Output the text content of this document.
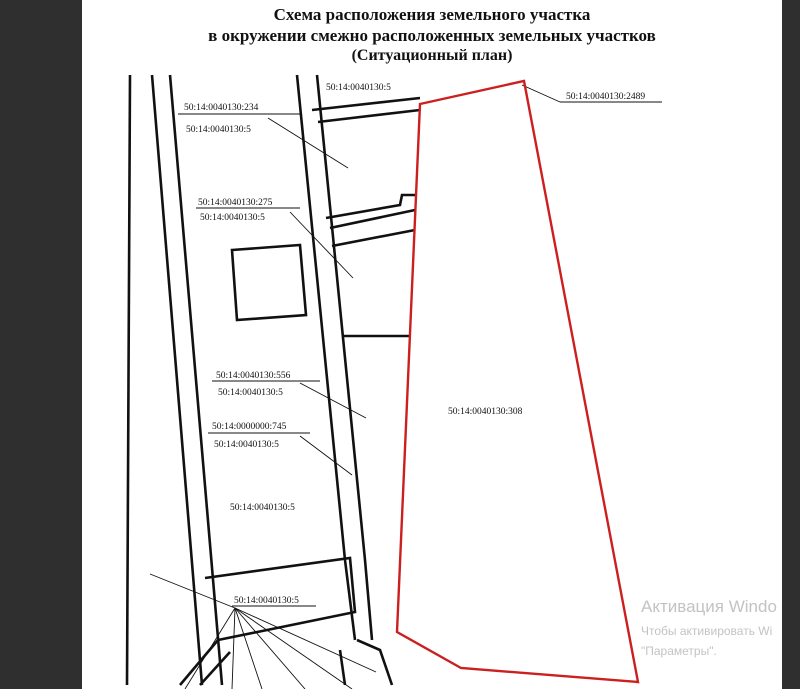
Схема расположения земельного участка
в окружении смежно расположенных земельных участков
(Ситуационный план)
50:14:0040130:5
50:14:0040130:2489
50:14:0040130:234
50:14:0040130:5
50:14:0040130:275
50:14:0040130:5
50:14:0040130:556
50:14:0040130:5
50:14:0000000:745
50:14:0040130:5
50:14:0040130:5
50:14:0040130:5
50:14:0040130:308
Активация Windo
Чтобы активировать Wi
"Параметры".
